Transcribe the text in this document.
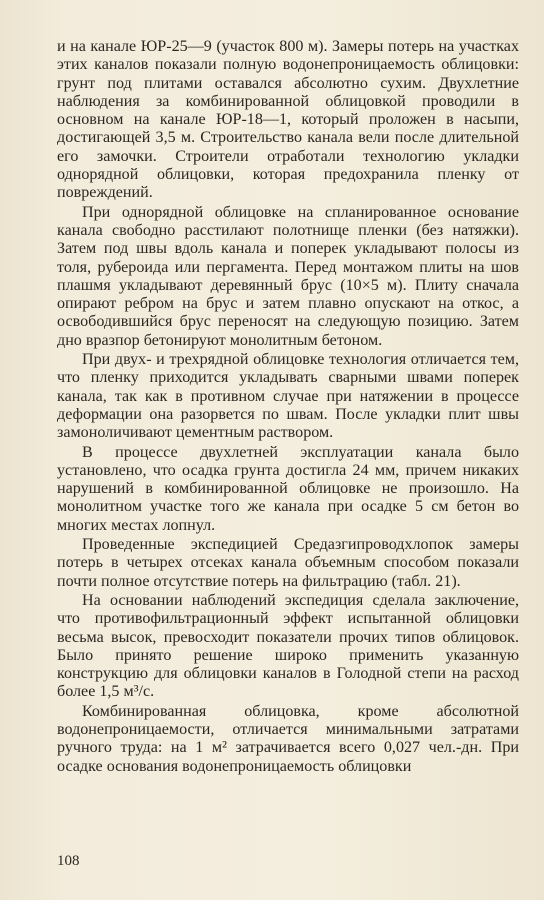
и на канале ЮР-25—9 (участок 800 м). Замеры потерь на участках этих каналов показали полную водонепроницаемость облицовки: грунт под плитами оставался абсолютно сухим. Двухлетние наблюдения за комбинированной облицовкой проводили в основном на канале ЮР-18—1, который проложен в насыпи, достигающей 3,5 м. Строительство канала вели после длительной его замочки. Строители отработали технологию укладки однорядной облицовки, которая предохранила пленку от повреждений.

При однорядной облицовке на спланированное основание канала свободно расстилают полотнище пленки (без натяжки). Затем под швы вдоль канала и поперек укладывают полосы из толя, рубероида или пергамента. Перед монтажом плиты на шов плашмя укладывают деревянный брус (10×5 м). Плиту сначала опирают ребром на брус и затем плавно опускают на откос, а освободившийся брус переносят на следующую позицию. Затем дно вразпор бетонируют монолитным бетоном.

При двух- и трехрядной облицовке технология отличается тем, что пленку приходится укладывать сварными швами поперек канала, так как в противном случае при натяжении в процессе деформации она разорвется по швам. После укладки плит швы замоноличивают цементным раствором.

В процессе двухлетней эксплуатации канала было установлено, что осадка грунта достигла 24 мм, причем никаких нарушений в комбинированной облицовке не произошло. На монолитном участке того же канала при осадке 5 см бетон во многих местах лопнул.

Проведенные экспедицией Средазгипроводхлопок замеры потерь в четырех отсеках канала объемным способом показали почти полное отсутствие потерь на фильтрацию (табл. 21).

На основании наблюдений экспедиция сделала заключение, что противофильтрационный эффект испытанной облицовки весьма высок, превосходит показатели прочих типов облицовок. Было принято решение широко применить указанную конструкцию для облицовки каналов в Голодной степи на расход более 1,5 м³/с.

Комбинированная облицовка, кроме абсолютной водонепроницаемости, отличается минимальными затратами ручного труда: на 1 м² затрачивается всего 0,027 чел.-дн. При осадке основания водонепроницаемость облицовки

108
